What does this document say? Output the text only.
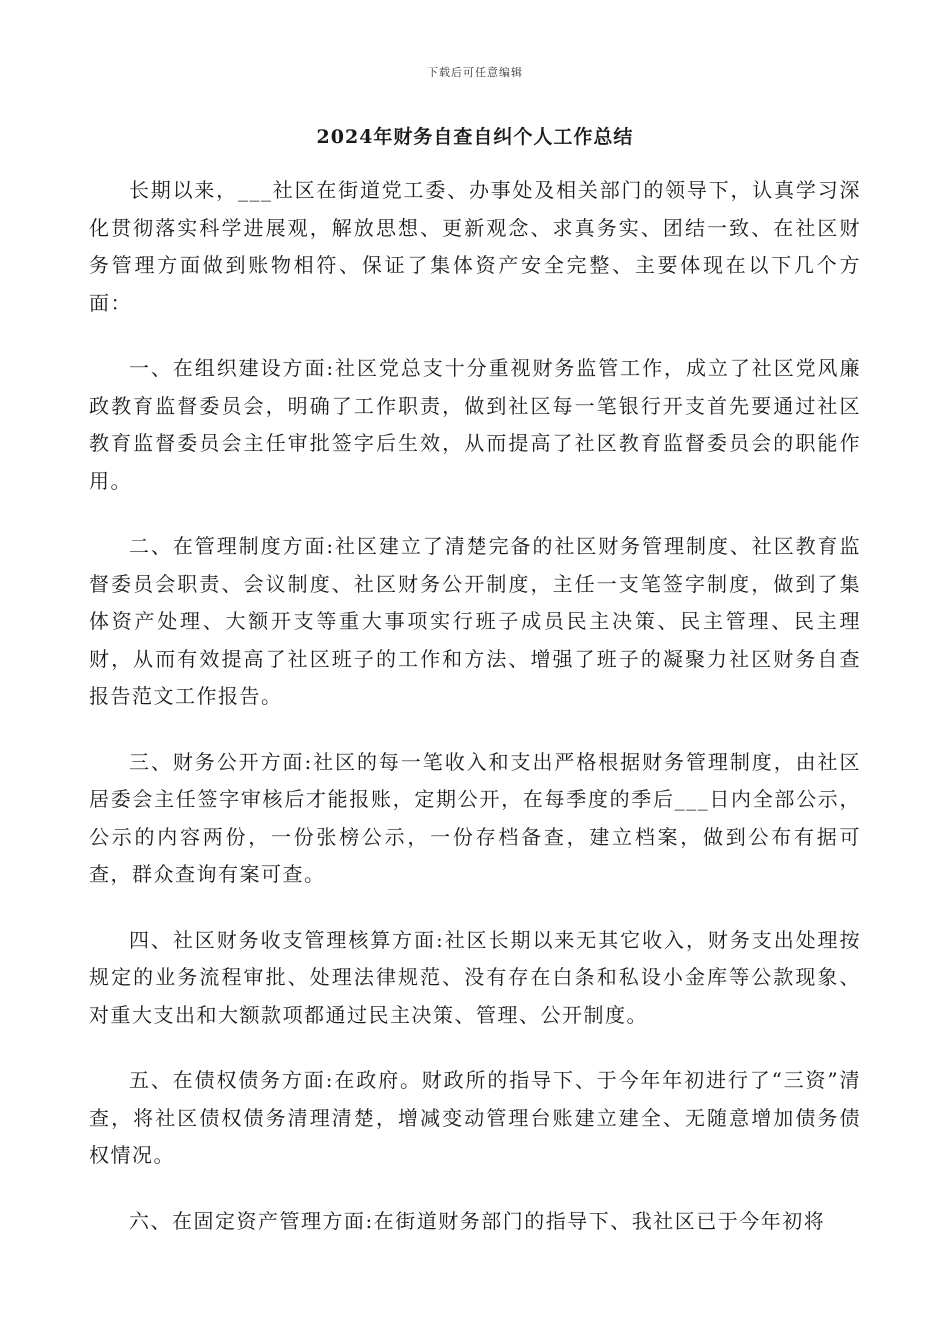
下载后可任意编辑
2024年财务自查自纠个人工作总结

长期以来，___社区在街道党工委、办事处及相关部门的领导下，认真学习深化贯彻落实科学进展观，解放思想、更新观念、求真务实、团结一致、在社区财务管理方面做到账物相符、保证了集体资产安全完整、主要体现在以下几个方面：

一、在组织建设方面:社区党总支十分重视财务监管工作，成立了社区党风廉政教育监督委员会，明确了工作职责，做到社区每一笔银行开支首先要通过社区教育监督委员会主任审批签字后生效，从而提高了社区教育监督委员会的职能作用。

二、在管理制度方面:社区建立了清楚完备的社区财务管理制度、社区教育监督委员会职责、会议制度、社区财务公开制度，主任一支笔签字制度，做到了集体资产处理、大额开支等重大事项实行班子成员民主决策、民主管理、民主理财，从而有效提高了社区班子的工作和方法、增强了班子的凝聚力社区财务自查报告范文工作报告。

三、财务公开方面:社区的每一笔收入和支出严格根据财务管理制度，由社区居委会主任签字审核后才能报账，定期公开，在每季度的季后___日内全部公示，公示的内容两份，一份张榜公示，一份存档备查，建立档案，做到公布有据可查，群众查询有案可查。

四、社区财务收支管理核算方面:社区长期以来无其它收入，财务支出处理按规定的业务流程审批、处理法律规范、没有存在白条和私设小金库等公款现象、对重大支出和大额款项都通过民主决策、管理、公开制度。

五、在债权债务方面:在政府。财政所的指导下、于今年年初进行了“三资”清查，将社区债权债务清理清楚，增减变动管理台账建立建全、无随意增加债务债权情况。

六、在固定资产管理方面:在街道财务部门的指导下、我社区已于今年初将
